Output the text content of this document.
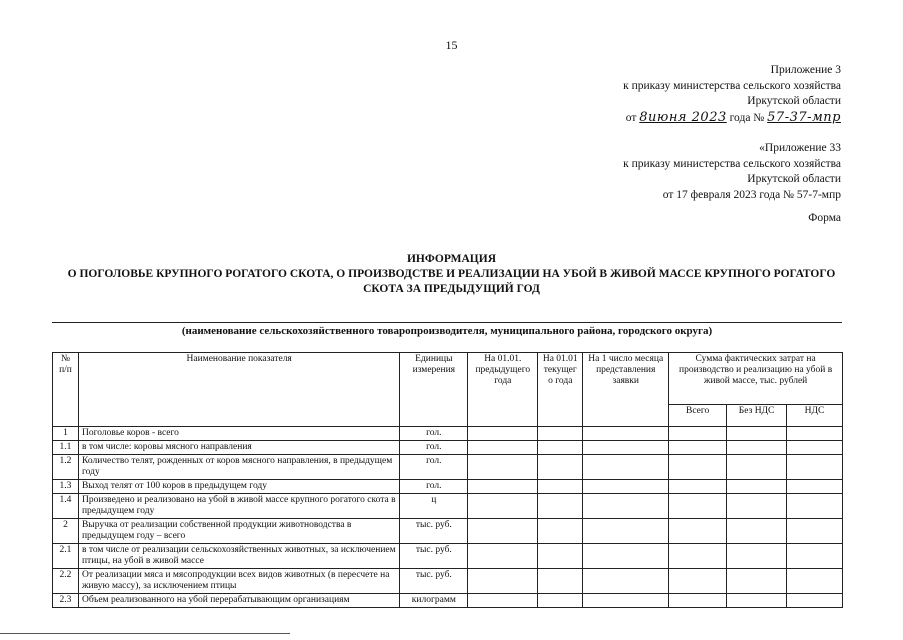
15
Приложение 3
к приказу министерства сельского хозяйства
Иркутской области
от 8июня 2023 года № 57-37-мпр
«Приложение 33
к приказу министерства сельского хозяйства
Иркутской области
от 17 февраля 2023 года № 57-7-мпр
Форма
ИНФОРМАЦИЯ
О ПОГОЛОВЬЕ КРУПНОГО РОГАТОГО СКОТА, О ПРОИЗВОДСТВЕ И РЕАЛИЗАЦИИ НА УБОЙ В ЖИВОЙ МАССЕ КРУПНОГО РОГАТОГО
СКОТА ЗА ПРЕДЫДУЩИЙ ГОД
(наименование сельскохозяйственного товаропроизводителя, муниципального района, городского округа)
№ п/п	Наименование показателя	Единицы измерения	На 01.01. предыдущего года	На 01.01 текущег о года	На 1 число месяца представления заявки	Сумма фактических затрат на производство и реализацию на убой в живой массе, тыс. рублей		
						Всего	Без НДС	НДС
1	Поголовье коров - всего	гол.						
1.1	в том числе: коровы мясного направления	гол.						
1.2	Количество телят, рожденных от коров мясного направления, в предыдущем году	гол.						
1.3	Выход телят от 100 коров в предыдущем году	гол.						
1.4	Произведено и реализовано на убой в живой массе крупного рогатого скота в предыдущем году	ц						
2	Выручка от реализации собственной продукции животноводства в предыдущем году – всего	тыс. руб.						
2.1	в том числе от реализации сельскохозяйственных животных, за исключением птицы, на убой в живой массе	тыс. руб.						
2.2	От реализации мяса и мясопродукции всех видов животных (в пересчете на живую массу), за исключением птицы	тыс. руб.						
2.3	Объем реализованного на убой перерабатывающим организациям	килограмм						
